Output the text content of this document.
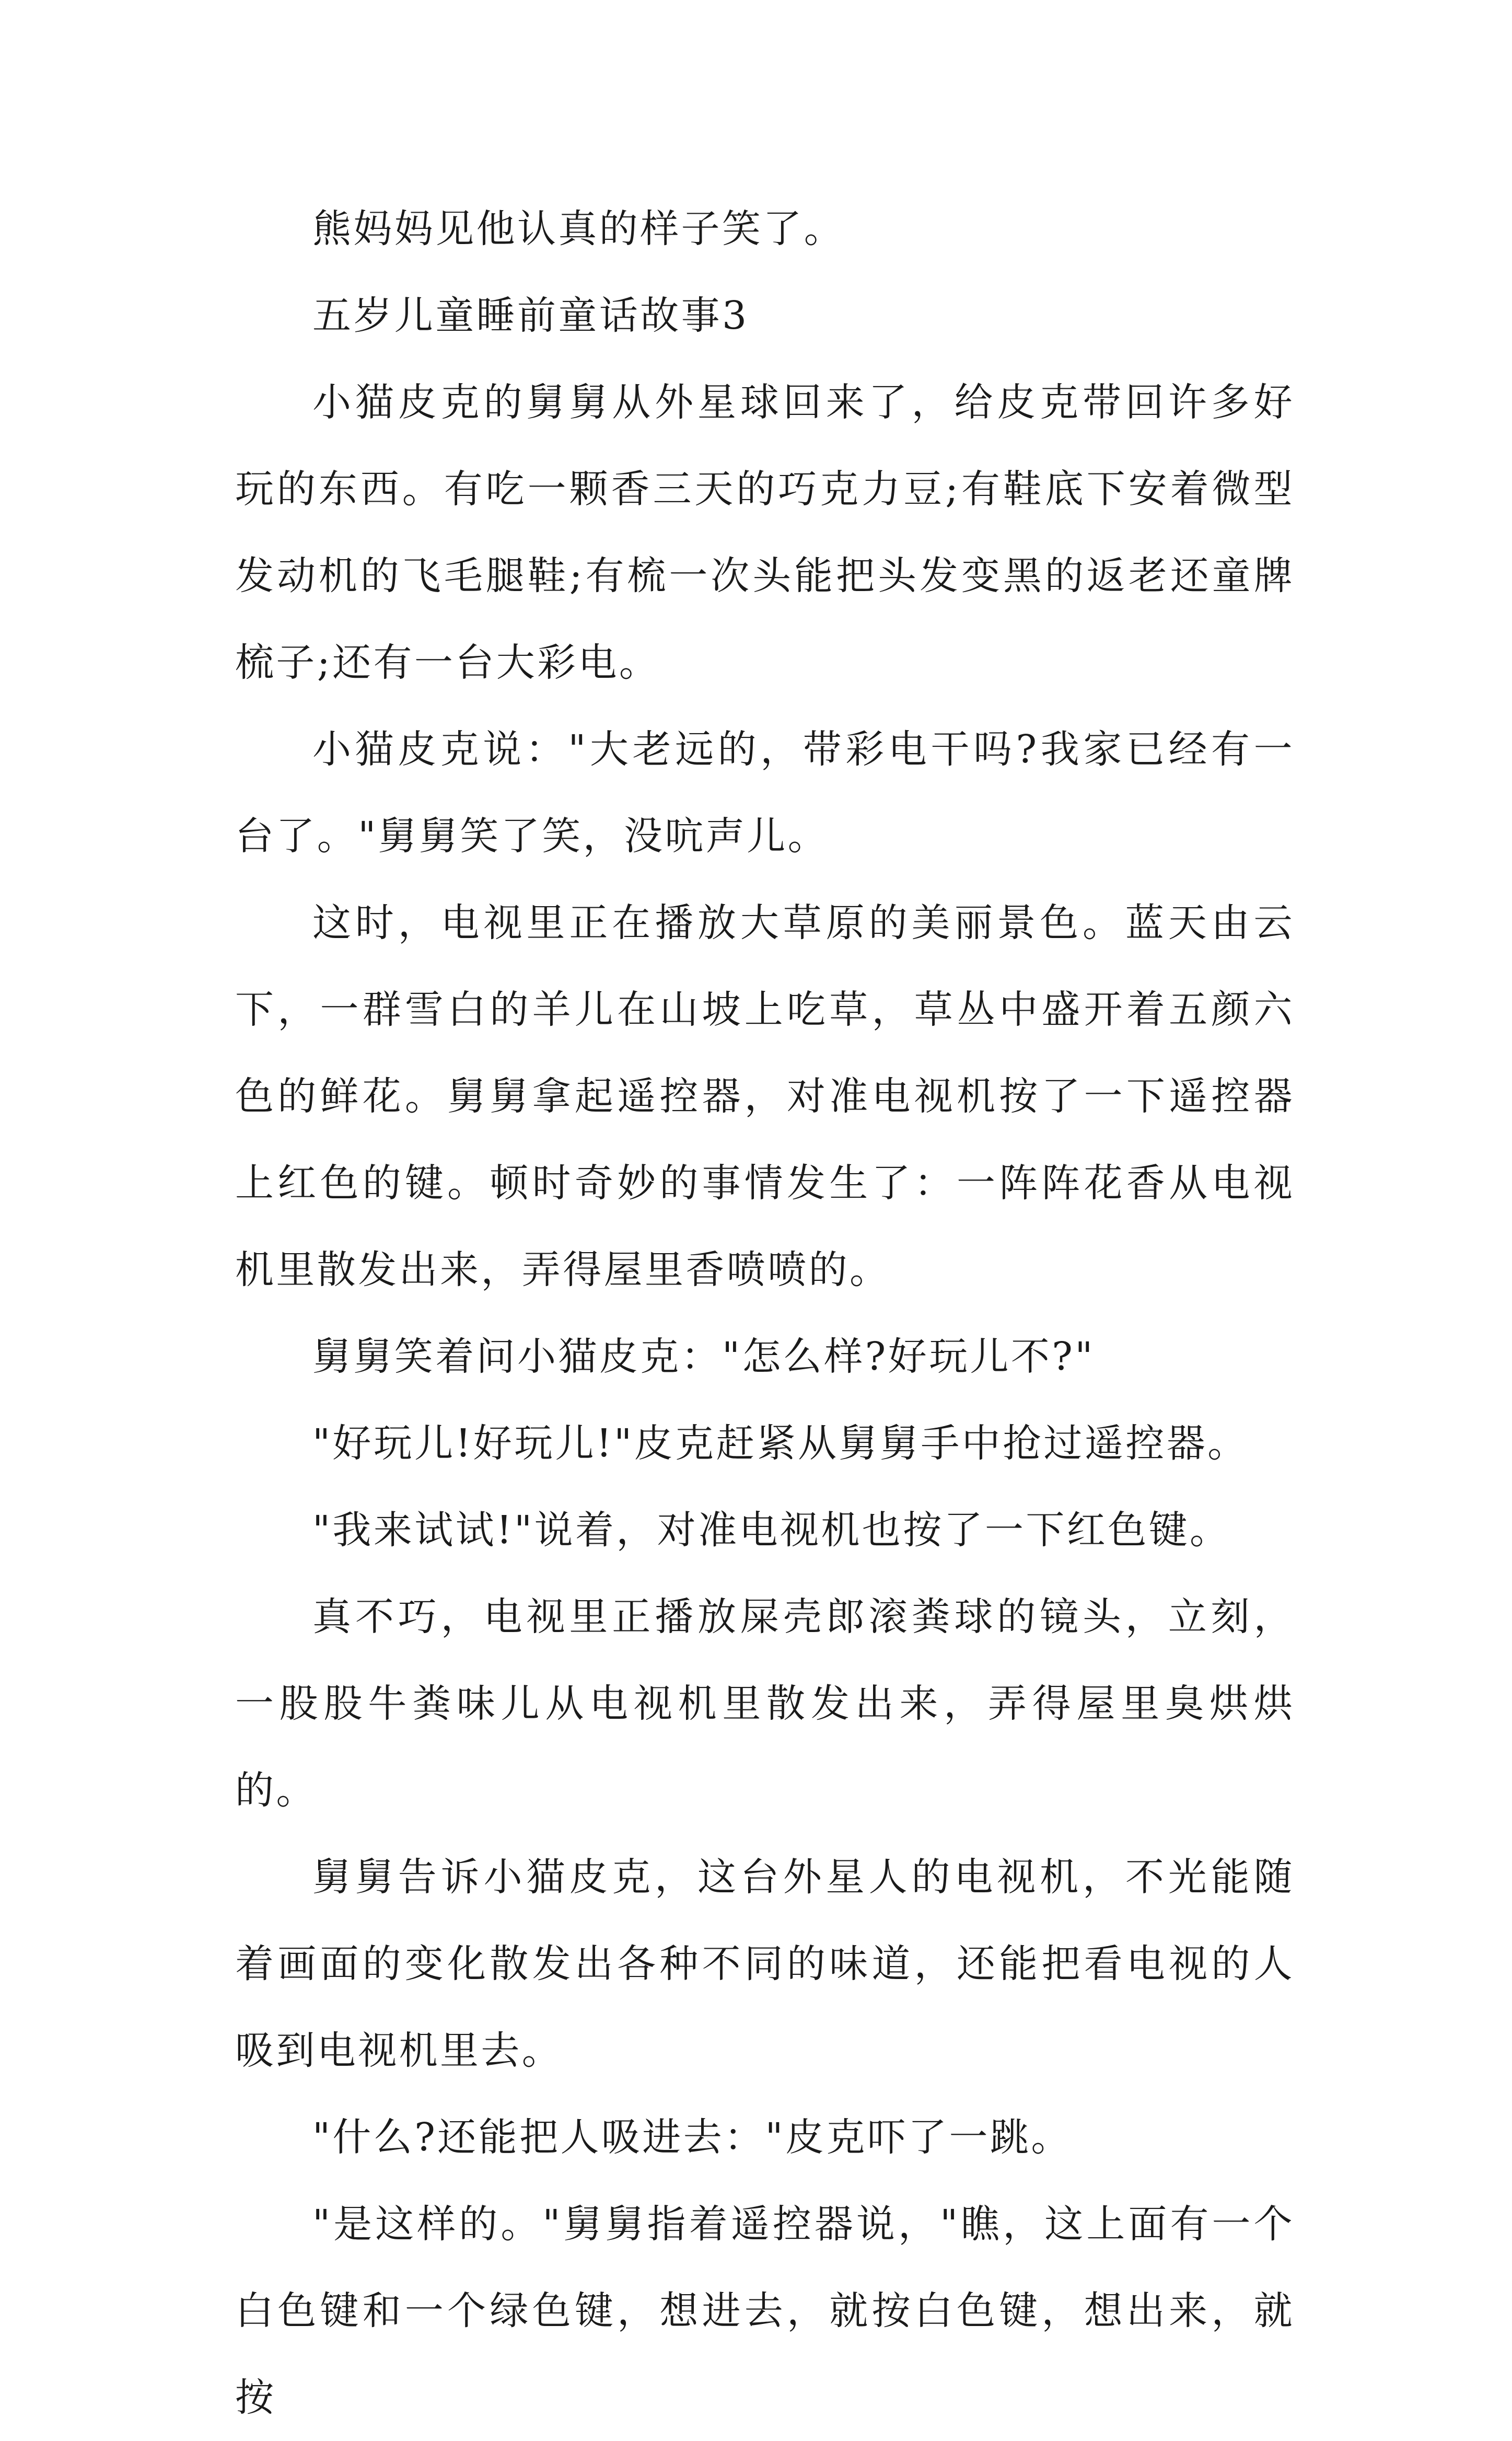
熊妈妈见他认真的样子笑了。

五岁儿童睡前童话故事3

小猫皮克的舅舅从外星球回来了，给皮克带回许多好玩的东西。有吃一颗香三天的巧克力豆;有鞋底下安着微型发动机的飞毛腿鞋;有梳一次头能把头发变黑的返老还童牌梳子;还有一台大彩电。

小猫皮克说："大老远的，带彩电干吗?我家已经有一台了。"舅舅笑了笑，没吭声儿。

这时，电视里正在播放大草原的美丽景色。蓝天由云下，一群雪白的羊儿在山坡上吃草，草丛中盛开着五颜六色的鲜花。舅舅拿起遥控器，对准电视机按了一下遥控器上红色的键。顿时奇妙的事情发生了：一阵阵花香从电视机里散发出来，弄得屋里香喷喷的。

舅舅笑着问小猫皮克："怎么样?好玩儿不?"

"好玩儿!好玩儿!"皮克赶紧从舅舅手中抢过遥控器。

"我来试试!"说着，对准电视机也按了一下红色键。

真不巧，电视里正播放屎壳郎滚粪球的镜头，立刻，一股股牛粪味儿从电视机里散发出来，弄得屋里臭烘烘的。

舅舅告诉小猫皮克，这台外星人的电视机，不光能随着画面的变化散发出各种不同的味道，还能把看电视的人吸到电视机里去。

"什么?还能把人吸进去："皮克吓了一跳。

"是这样的。"舅舅指着遥控器说，"瞧，这上面有一个白色键和一个绿色键，想进去，就按白色键，想出来，就按
